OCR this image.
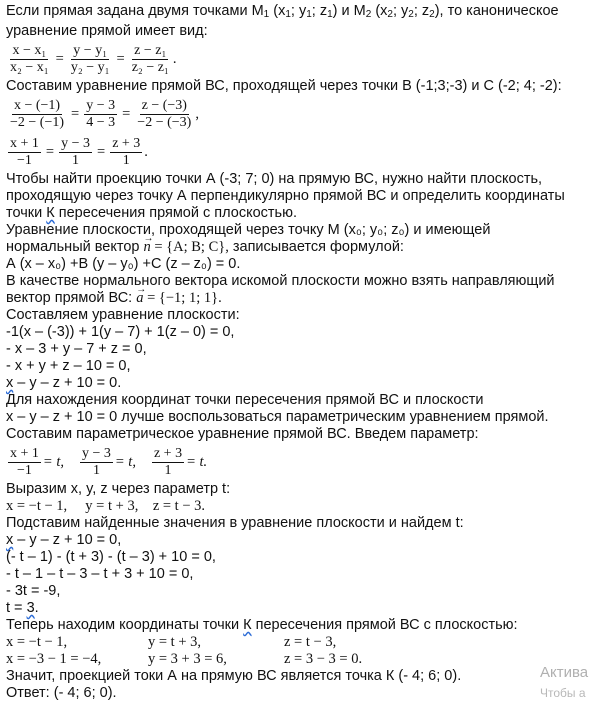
Если прямая задана двумя точками $М_1$ ($x_1$; $y_1$; $z_1$) и $М_2$ ($x_2$; $y_2$; $z_2$), то каноническое
уравнение прямой имеет вид:
$\frac{\text{x − x₁}}{\text{x₂ − x₁}} = \frac{\text{y − y₁}}{\text{y₂ − y₁}} = \frac{\text{z − z₁}}{\text{z₂ − z₁}}$ .
Составим уравнение прямой ВС, проходящей через точки В (-1;3;-3) и С (-2; 4; -2):
$\frac{x - (-1)}{-2 - (-1)} = \frac{y - 3}{4 - 3} = \frac{z - (-3)}{-2 - (-3)}$ ,
$\frac{x + 1}{-1} = \frac{y - 3}{1} = \frac{z + 3}{1}$ .
Чтобы найти проекцию точки А (-3; 7; 0) на прямую ВС, нужно найти плоскость,
проходящую через точку А перпендикулярно прямой ВС и определить координаты
точки К пересечения прямой с плоскостью.
Уравнение плоскости, проходящей через точку М (x₀; y₀; z₀) и имеющей
нормальный вектор → n = {A; B; C}, записывается формулой:
А (x – x₀) +В (y – y₀) +С (z – z₀) = 0.
В качестве нормального вектора искомой плоскости можно взять направляющий
вектор прямой ВС: → a = {−1; 1; 1}.
Составляем уравнение плоскости:
-1(x – (-3)) + 1(y – 7) + 1(z – 0) = 0,
- x – 3 + y – 7 + z = 0,
- x + y + z – 10 = 0,
x – y – z + 10 = 0.
Для нахождения координат точки пересечения прямой ВС и плоскости
x – y – z + 10 = 0 лучше воспользоваться параметрическим уравнением прямой.
Составим параметрическое уравнение прямой ВС. Введем параметр:
$\frac{x + 1}{-1} = t$, $\frac{y - 3}{1} = t$, $\frac{z + 3}{1} = t$.
Выразим x, y, z через параметр t:
x = −t − 1,     y = t + 3,    z = t − 3.
Подставим найденные значения в уравнение плоскости и найдем t:
x – y – z + 10 = 0,
(- t – 1) - (t + 3) - (t – 3) + 10 = 0,
- t – 1 – t – 3 – t + 3 + 10 = 0,
- 3t = -9,
t = 3.
Теперь находим координаты точки К пересечения прямой ВС с плоскостью:
x = −t − 1,	y = t + 3,	z = t − 3,
x = −3 − 1 = −4,	y = 3 + 3 = 6,	z = 3 − 3 = 0.
Значит, проекцией токи А на прямую ВС является точка К (- 4; 6; 0).
Ответ: (- 4; 6; 0).
Актива
Чтобы а
